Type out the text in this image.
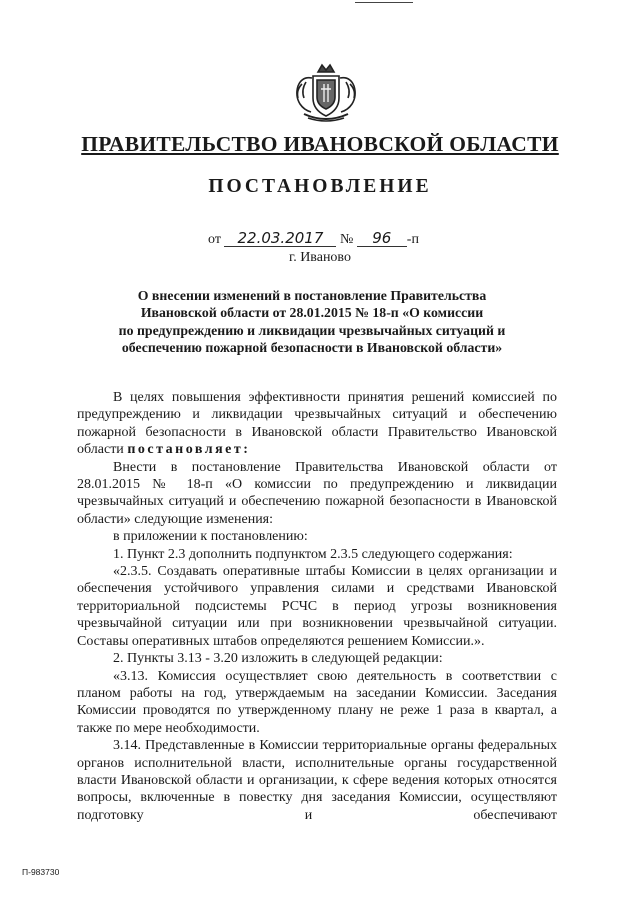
ПРАВИТЕЛЬСТВО ИВАНОВСКОЙ ОБЛАСТИ
ПОСТАНОВЛЕНИЕ
от 22.03.2017 № 96 -п
г. Иваново
О внесении изменений в постановление Правительства
Ивановской области от 28.01.2015 № 18-п «О комиссии
по предупреждению и ликвидации чрезвычайных ситуаций и
обеспечению пожарной безопасности в Ивановской области»

В целях повышения эффективности принятия решений комиссией по предупреждению и ликвидации чрезвычайных ситуаций и обеспечению пожарной безопасности в Ивановской области Правительство Ивановской области постановляет:

Внести в постановление Правительства Ивановской области от 28.01.2015 № 18-п «О комиссии по предупреждению и ликвидации чрезвычайных ситуаций и обеспечению пожарной безопасности в Ивановской области» следующие изменения:

в приложении к постановлению:

1. Пункт 2.3 дополнить подпунктом 2.3.5 следующего содержания:

«2.3.5. Создавать оперативные штабы Комиссии в целях организации и обеспечения устойчивого управления силами и средствами Ивановской территориальной подсистемы РСЧС в период угрозы возникновения чрезвычайной ситуации или при возникновении чрезвычайной ситуации. Составы оперативных штабов определяются решением Комиссии.».

2. Пункты 3.13 - 3.20 изложить в следующей редакции:

«3.13. Комиссия осуществляет свою деятельность в соответствии с планом работы на год, утверждаемым на заседании Комиссии. Заседания Комиссии проводятся по утвержденному плану не реже 1 раза в квартал, а также по мере необходимости.

3.14. Представленные в Комиссии территориальные органы федеральных органов исполнительной власти, исполнительные органы государственной власти Ивановской области и организации, к сфере ведения которых относятся вопросы, включенные в повестку дня заседания Комиссии, осуществляют подготовку и обеспечивают

П-983730
